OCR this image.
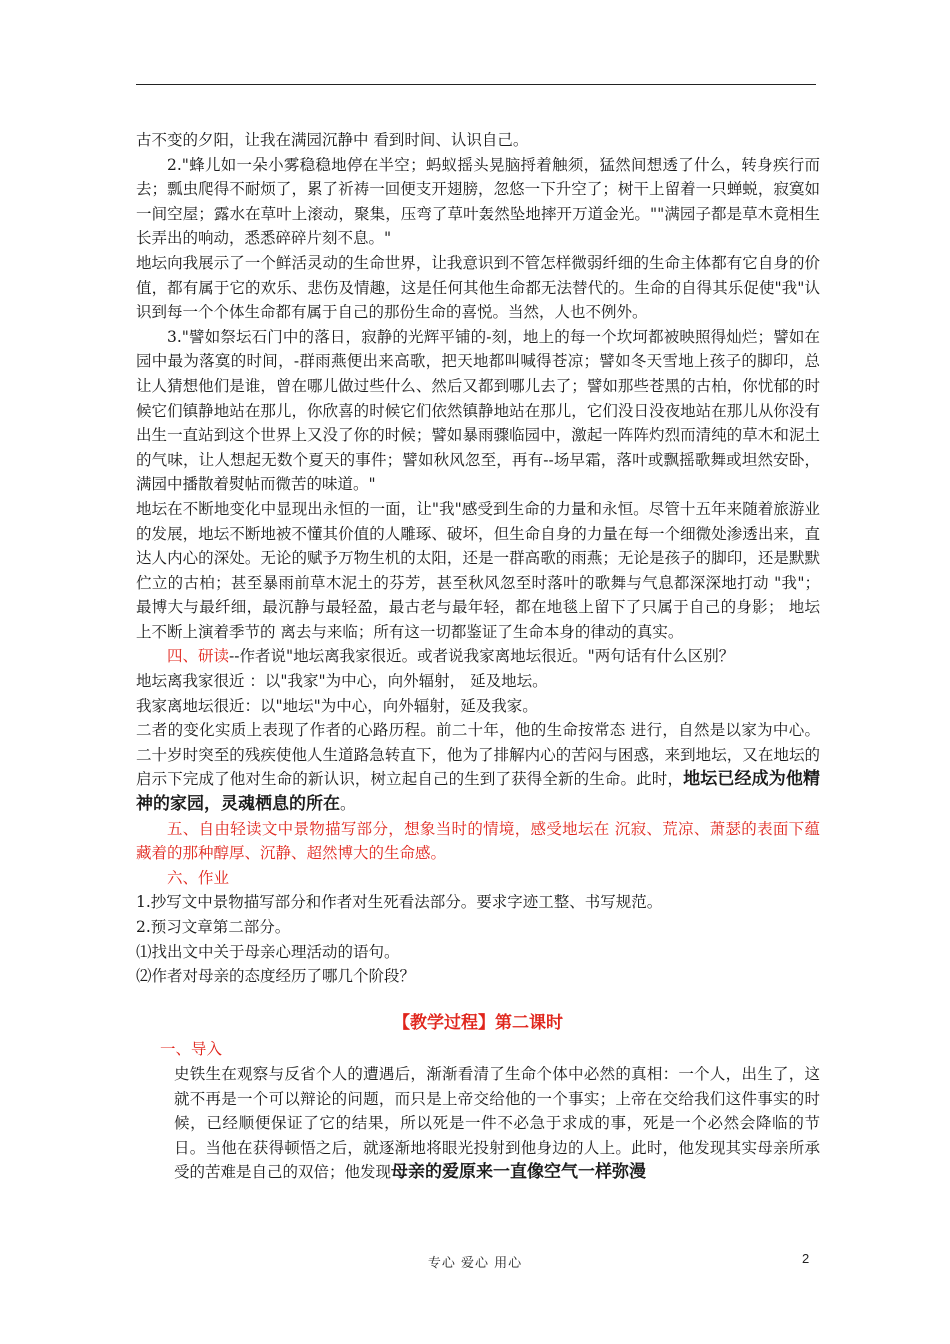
古不变的夕阳，让我在满园沉静中 看到时间、认识自己。

2."蜂儿如一朵小雾稳稳地停在半空；蚂蚁摇头晃脑捋着触须，猛然间想透了什么，转身疾行而去；瓢虫爬得不耐烦了，累了祈祷一回便支开翅膀，忽悠一下升空了；树干上留着一只蝉蜕，寂寞如一间空屋；露水在草叶上滚动，聚集，压弯了草叶轰然坠地摔开万道金光。""满园子都是草木竟相生长弄出的响动，悉悉碎碎片刻不息。"

地坛向我展示了一个鲜活灵动的生命世界，让我意识到不管怎样微弱纤细的生命主体都有它自身的价值，都有属于它的欢乐、悲伤及情趣，这是任何其他生命都无法替代的。生命的自得其乐促使"我"认识到每一个个体生命都有属于自己的那份生命的喜悦。当然，人也不例外。

3."譬如祭坛石门中的落日，寂静的光辉平铺的-刻，地上的每一个坎坷都被映照得灿烂；譬如在园中最为落寞的时间，-群雨燕便出来高歌，把天地都叫喊得苍凉；譬如冬天雪地上孩子的脚印，总让人猜想他们是谁，曾在哪儿做过些什么、然后又都到哪儿去了；譬如那些苍黑的古柏，你忧郁的时候它们镇静地站在那儿，你欣喜的时候它们依然镇静地站在那儿，它们没日没夜地站在那儿从你没有出生一直站到这个世界上又没了你的时候；譬如暴雨骤临园中，激起一阵阵灼烈而清纯的草木和泥土的气味，让人想起无数个夏天的事件；譬如秋风忽至，再有--场早霜，落叶或飘摇歌舞或坦然安卧，满园中播散着熨帖而微苦的味道。"

地坛在不断地变化中显现出永恒的一面，让"我"感受到生命的力量和永恒。尽管十五年来随着旅游业的发展，地坛不断地被不懂其价值的人雕琢、破坏，但生命自身的力量在每一个细微处渗透出来，直达人内心的深处。无论的赋予万物生机的太阳，还是一群高歌的雨燕；无论是孩子的脚印，还是默默伫立的古柏；甚至暴雨前草木泥土的芬芳，甚至秋风忽至时落叶的歌舞与气息都深深地打动 "我"；最博大与最纤细，最沉静与最轻盈，最古老与最年轻，都在地毯上留下了只属于自己的身影； 地坛上不断上演着季节的 离去与来临；所有这一切都鉴证了生命本身的律动的真实。

四、研读--作者说"地坛离我家很近。或者说我家离地坛很近。"两句话有什么区别？

地坛离我家很近 ：以"我家"为中心，向外辐射， 延及地坛。

我家离地坛很近：以"地坛"为中心，向外辐射，延及我家。

二者的变化实质上表现了作者的心路历程。前二十年，他的生命按常态 进行，自然是以家为中心。二十岁时突至的残疾使他人生道路急转直下，他为了排解内心的苦闷与困惑，来到地坛，又在地坛的启示下完成了他对生命的新认识，树立起自己的生到了获得全新的生命。此时，地坛已经成为他精神的家园，灵魂栖息的所在。

五、自由轻读文中景物描写部分，想象当时的情境，感受地坛在 沉寂、荒凉、萧瑟的表面下蕴藏着的那种醇厚、沉静、超然博大的生命感。

六、作业

1.抄写文中景物描写部分和作者对生死看法部分。要求字迹工整、书写规范。

2.预习文章第二部分。

⑴找出文中关于母亲心理活动的语句。

⑵作者对母亲的态度经历了哪几个阶段？

【教学过程】第二课时

一、导入

史铁生在观察与反省个人的遭遇后，渐渐看清了生命个体中必然的真相：一个人，出生了，这就不再是一个可以辩论的问题，而只是上帝交给他的一个事实；上帝在交给我们这件事实的时候，已经顺便保证了它的结果，所以死是一件不必急于求成的事，死是一个必然会降临的节日。当他在获得顿悟之后，就逐渐地将眼光投射到他身边的人上。此时，他发现其实母亲所承受的苦难是自己的双倍；他发现母亲的爱原来一直像空气一样弥漫

专心 爱心 用心	2
